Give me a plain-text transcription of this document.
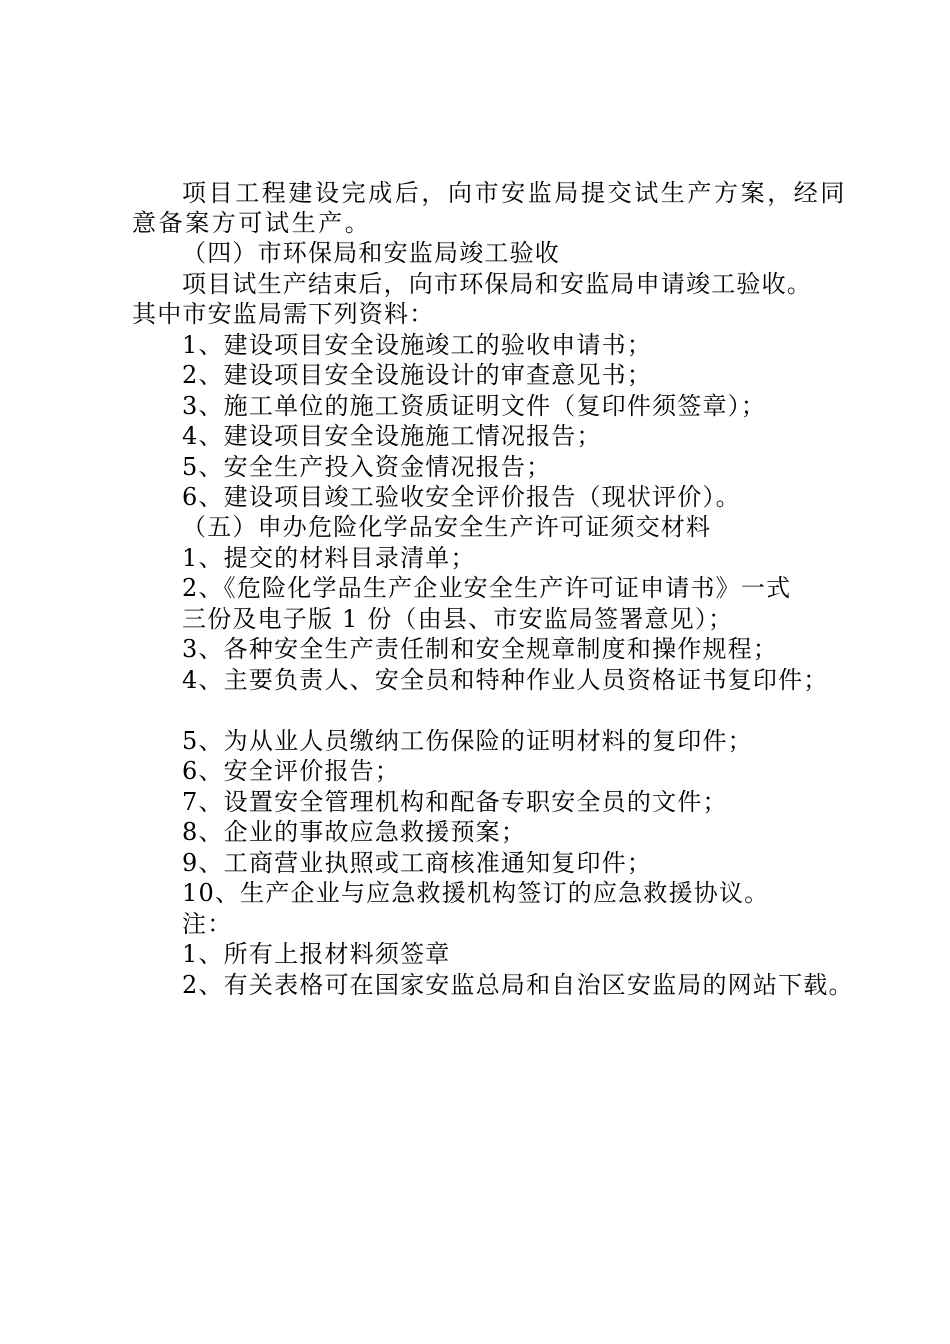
项目工程建设完成后，向市安监局提交试生产方案，经同
意备案方可试生产。
（四）市环保局和安监局竣工验收
项目试生产结束后，向市环保局和安监局申请竣工验收。
其中市安监局需下列资料：
1、建设项目安全设施竣工的验收申请书；
2、建设项目安全设施设计的审查意见书；
3、施工单位的施工资质证明文件（复印件须签章）；
4、建设项目安全设施施工情况报告；
5、安全生产投入资金情况报告；
6、建设项目竣工验收安全评价报告（现状评价）。
（五）申办危险化学品安全生产许可证须交材料
1、提交的材料目录清单；
2、《危险化学品生产企业安全生产许可证申请书》一式
三份及电子版 1 份（由县、市安监局签署意见）；
3、各种安全生产责任制和安全规章制度和操作规程；
4、主要负责人、安全员和特种作业人员资格证书复印件；
5、为从业人员缴纳工伤保险的证明材料的复印件；
6、安全评价报告；
7、设置安全管理机构和配备专职安全员的文件；
8、企业的事故应急救援预案；
9、工商营业执照或工商核准通知复印件；
10、生产企业与应急救援机构签订的应急救援协议。
注：
1、所有上报材料须签章
2、有关表格可在国家安监总局和自治区安监局的网站下载。
